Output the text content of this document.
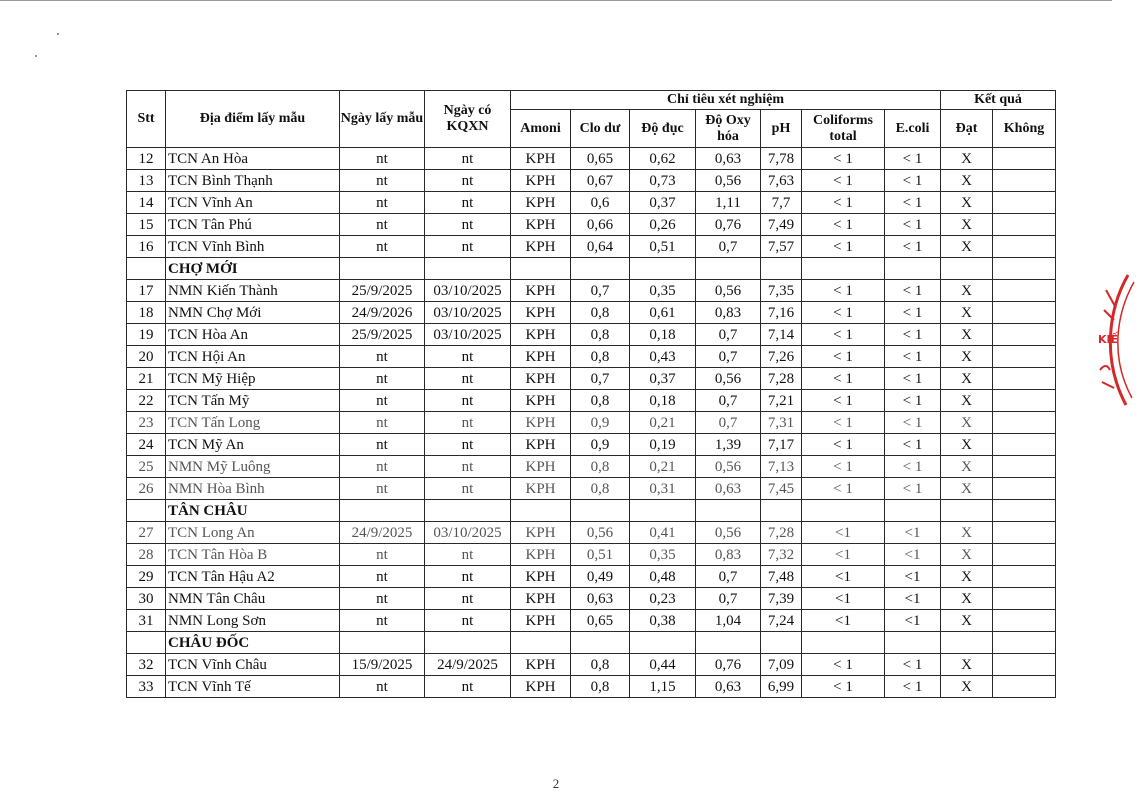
KIẾ
Stt	Địa điểm lấy mẫu	Ngày lấy mẫu	Ngày có KQXN	Chỉ tiêu xét nghiệm							Kết quả	
				Amoni	Clo dư	Độ đục	Độ Oxy hóa	pH	Coliforms total	E.coli	Đạt	Không
12	TCN An Hòa	nt	nt	KPH	0,65	0,62	0,63	7,78	< 1	< 1	X	
13	TCN Bình Thạnh	nt	nt	KPH	0,67	0,73	0,56	7,63	< 1	< 1	X	
14	TCN Vĩnh An	nt	nt	KPH	0,6	0,37	1,11	7,7	< 1	< 1	X	
15	TCN Tân Phú	nt	nt	KPH	0,66	0,26	0,76	7,49	< 1	< 1	X	
16	TCN Vĩnh Bình	nt	nt	KPH	0,64	0,51	0,7	7,57	< 1	< 1	X	
	CHỢ MỚI											
17	NMN Kiến Thành	25/9/2025	03/10/2025	KPH	0,7	0,35	0,56	7,35	< 1	< 1	X	
18	NMN Chợ Mới	24/9/2026	03/10/2025	KPH	0,8	0,61	0,83	7,16	< 1	< 1	X	
19	TCN Hòa An	25/9/2025	03/10/2025	KPH	0,8	0,18	0,7	7,14	< 1	< 1	X	
20	TCN Hội An	nt	nt	KPH	0,8	0,43	0,7	7,26	< 1	< 1	X	
21	TCN Mỹ Hiệp	nt	nt	KPH	0,7	0,37	0,56	7,28	< 1	< 1	X	
22	TCN Tấn Mỹ	nt	nt	KPH	0,8	0,18	0,7	7,21	< 1	< 1	X	
23	TCN Tấn Long	nt	nt	KPH	0,9	0,21	0,7	7,31	< 1	< 1	X	
24	TCN Mỹ An	nt	nt	KPH	0,9	0,19	1,39	7,17	< 1	< 1	X	
25	NMN Mỹ Luông	nt	nt	KPH	0,8	0,21	0,56	7,13	< 1	< 1	X	
26	NMN Hòa Bình	nt	nt	KPH	0,8	0,31	0,63	7,45	< 1	< 1	X	
	TÂN CHÂU											
27	TCN Long An	24/9/2025	03/10/2025	KPH	0,56	0,41	0,56	7,28	<1	<1	X	
28	TCN Tân Hòa B	nt	nt	KPH	0,51	0,35	0,83	7,32	<1	<1	X	
29	TCN Tân Hậu A2	nt	nt	KPH	0,49	0,48	0,7	7,48	<1	<1	X	
30	NMN Tân Châu	nt	nt	KPH	0,63	0,23	0,7	7,39	<1	<1	X	
31	NMN Long Sơn	nt	nt	KPH	0,65	0,38	1,04	7,24	<1	<1	X	
	CHÂU ĐỐC											
32	TCN Vĩnh Châu	15/9/2025	24/9/2025	KPH	0,8	0,44	0,76	7,09	< 1	< 1	X	
33	TCN Vĩnh Tế	nt	nt	KPH	0,8	1,15	0,63	6,99	< 1	< 1	X	
2
